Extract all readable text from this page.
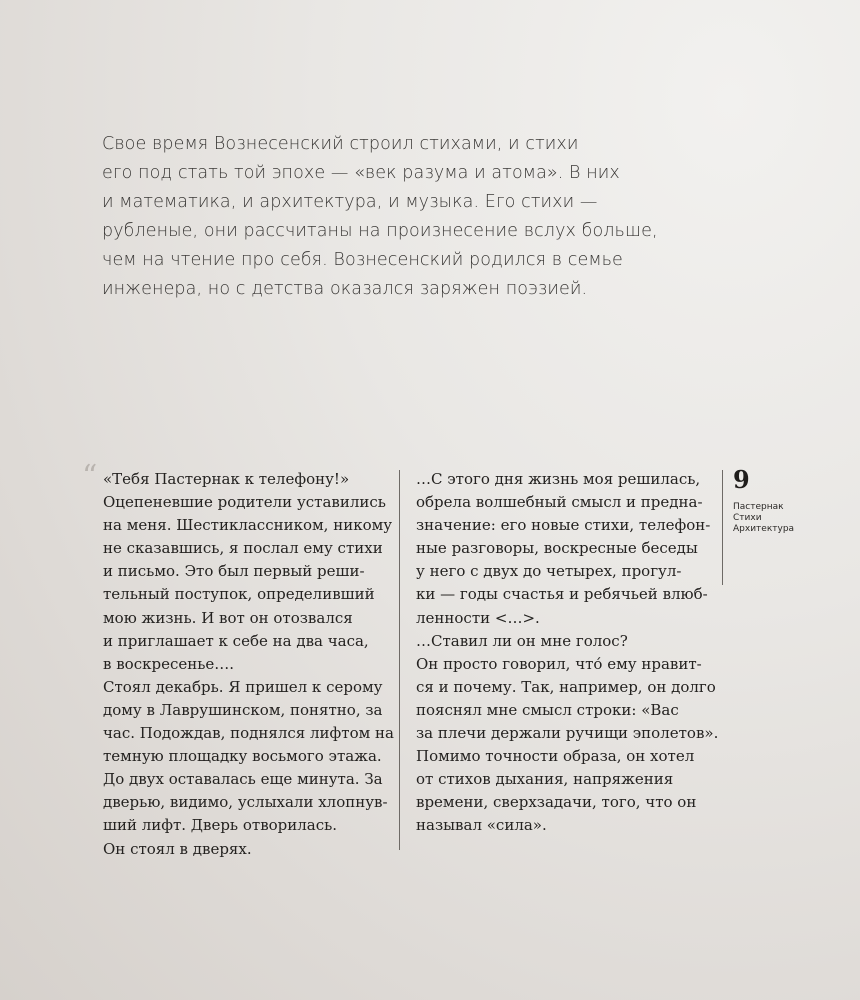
Свое время Вознесенский строил стихами, и стихи
его под стать той эпохе — «век разума и атома». В них
и математика, и архитектура, и музыка. Его стихи —
рубленые, они рассчитаны на произнесение вслух больше,
чем на чтение про себя. Вознесенский родился в семье
инженера, но с детства оказался заряжен поэзией.
“ «Тебя Пастернак к телефону!»
Оцепеневшие родители уставились
на меня. Шестиклассником, никому
не сказавшись, я послал ему стихи
и письмо. Это был первый реши-
тельный поступок, определивший
мою жизнь. И вот он отозвался
и приглашает к себе на два часа,
в воскресенье….
Стоял декабрь. Я пришел к серому
дому в Лаврушинском, понятно, за
час. Подождав, поднялся лифтом на
темную площадку восьмого этажа.
До двух оставалась еще минута. За
дверью, видимо, услыхали хлопнув-
ший лифт. Дверь отворилась.
Он стоял в дверях.
…С этого дня жизнь моя решилась,
обрела волшебный смысл и предна-
значение: его новые стихи, телефон-
ные разговоры, воскресные беседы
у него с двух до четырех, прогул-
ки — годы счастья и ребячьей влюб-
ленности <…>.
…Ставил ли он мне голос?
Он просто говорил, что́ ему нравит-
ся и почему. Так, например, он долго
пояснял мне смысл строки: «Вас
за плечи держали ручищи эполетов».
Помимо точности образа, он хотел
от стихов дыхания, напряжения
времени, сверхзадачи, того, что он
называл «сила».
9
Пастернак
Стихи
Архитектура
